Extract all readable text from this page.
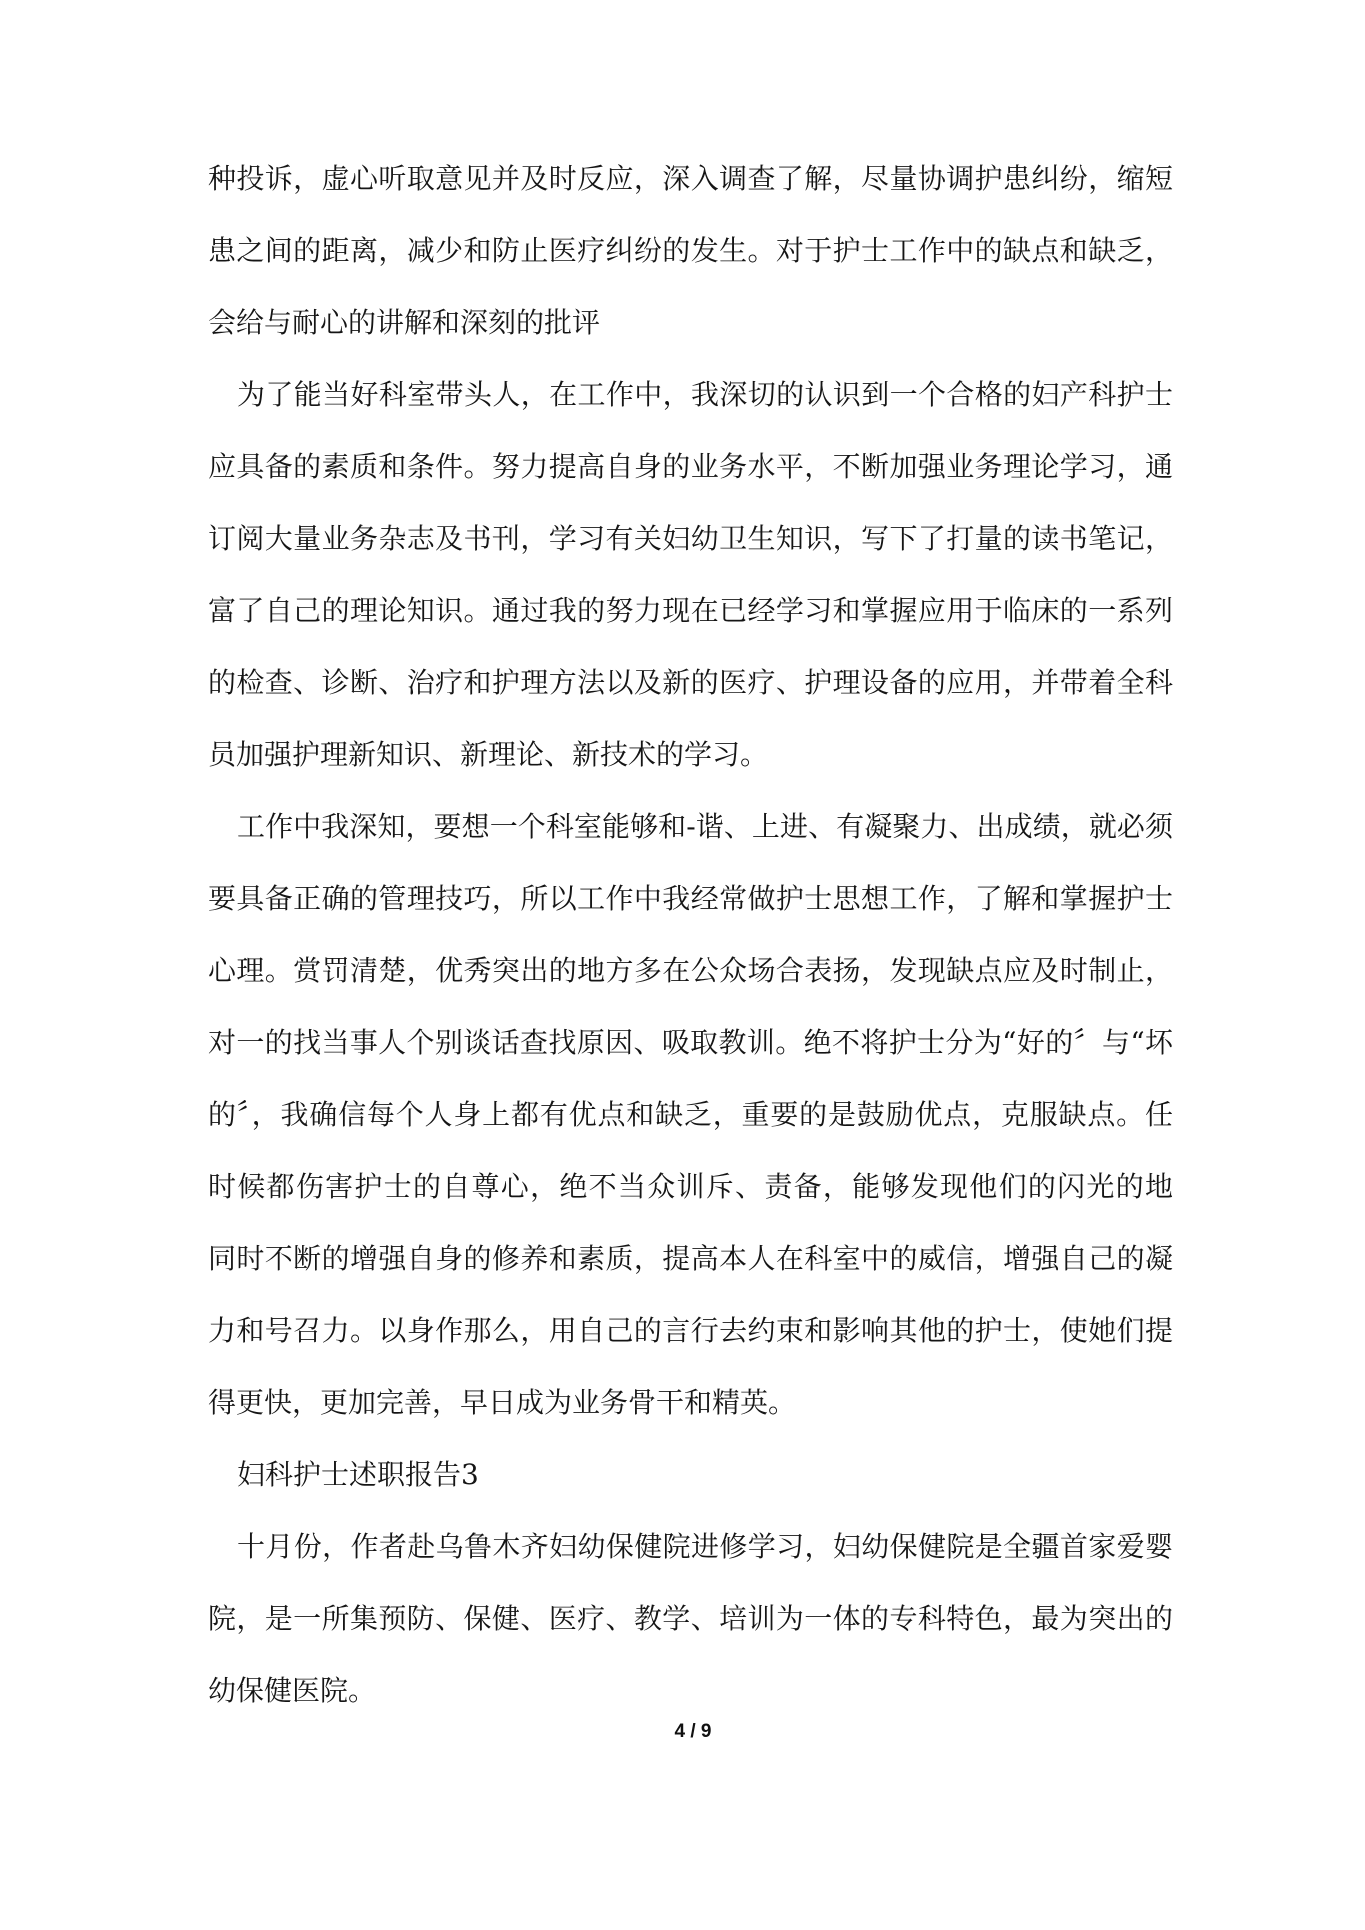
种投诉，虚心听取意见并及时反应，深入调查了解，尽量协调护患纠纷，缩短
患之间的距离，减少和防止医疗纠纷的发生。对于护士工作中的缺点和缺乏，
会给与耐心的讲解和深刻的批评
为了能当好科室带头人，在工作中，我深切的认识到一个合格的妇产科护士
应具备的素质和条件。努力提高自身的业务水平，不断加强业务理论学习，通
订阅大量业务杂志及书刊，学习有关妇幼卫生知识，写下了打量的读书笔记，
富了自己的理论知识。通过我的努力现在已经学习和掌握应用于临床的一系列
的检查、诊断、治疗和护理方法以及新的医疗、护理设备的应用，并带着全科
员加强护理新知识、新理论、新技术的学习。
工作中我深知，要想一个科室能够和-谐、上进、有凝聚力、出成绩，就必须
要具备正确的管理技巧，所以工作中我经常做护士思想工作，了解和掌握护士
心理。赏罚清楚，优秀突出的地方多在公众场合表扬，发现缺点应及时制止，
对一的找当事人个别谈话查找原因、吸取教训。绝不将护士分为“好的〞与“坏
的〞，我确信每个人身上都有优点和缺乏，重要的是鼓励优点，克服缺点。任
时候都伤害护士的自尊心，绝不当众训斥、责备，能够发现他们的闪光的地
同时不断的增强自身的修养和素质，提高本人在科室中的威信，增强自己的凝
力和号召力。以身作那么，用自己的言行去约束和影响其他的护士，使她们提
得更快，更加完善，早日成为业务骨干和精英。
妇科护士述职报告3
十月份，作者赴乌鲁木齐妇幼保健院进修学习，妇幼保健院是全疆首家爱婴
院，是一所集预防、保健、医疗、教学、培训为一体的专科特色，最为突出的
幼保健医院。
4 / 9
